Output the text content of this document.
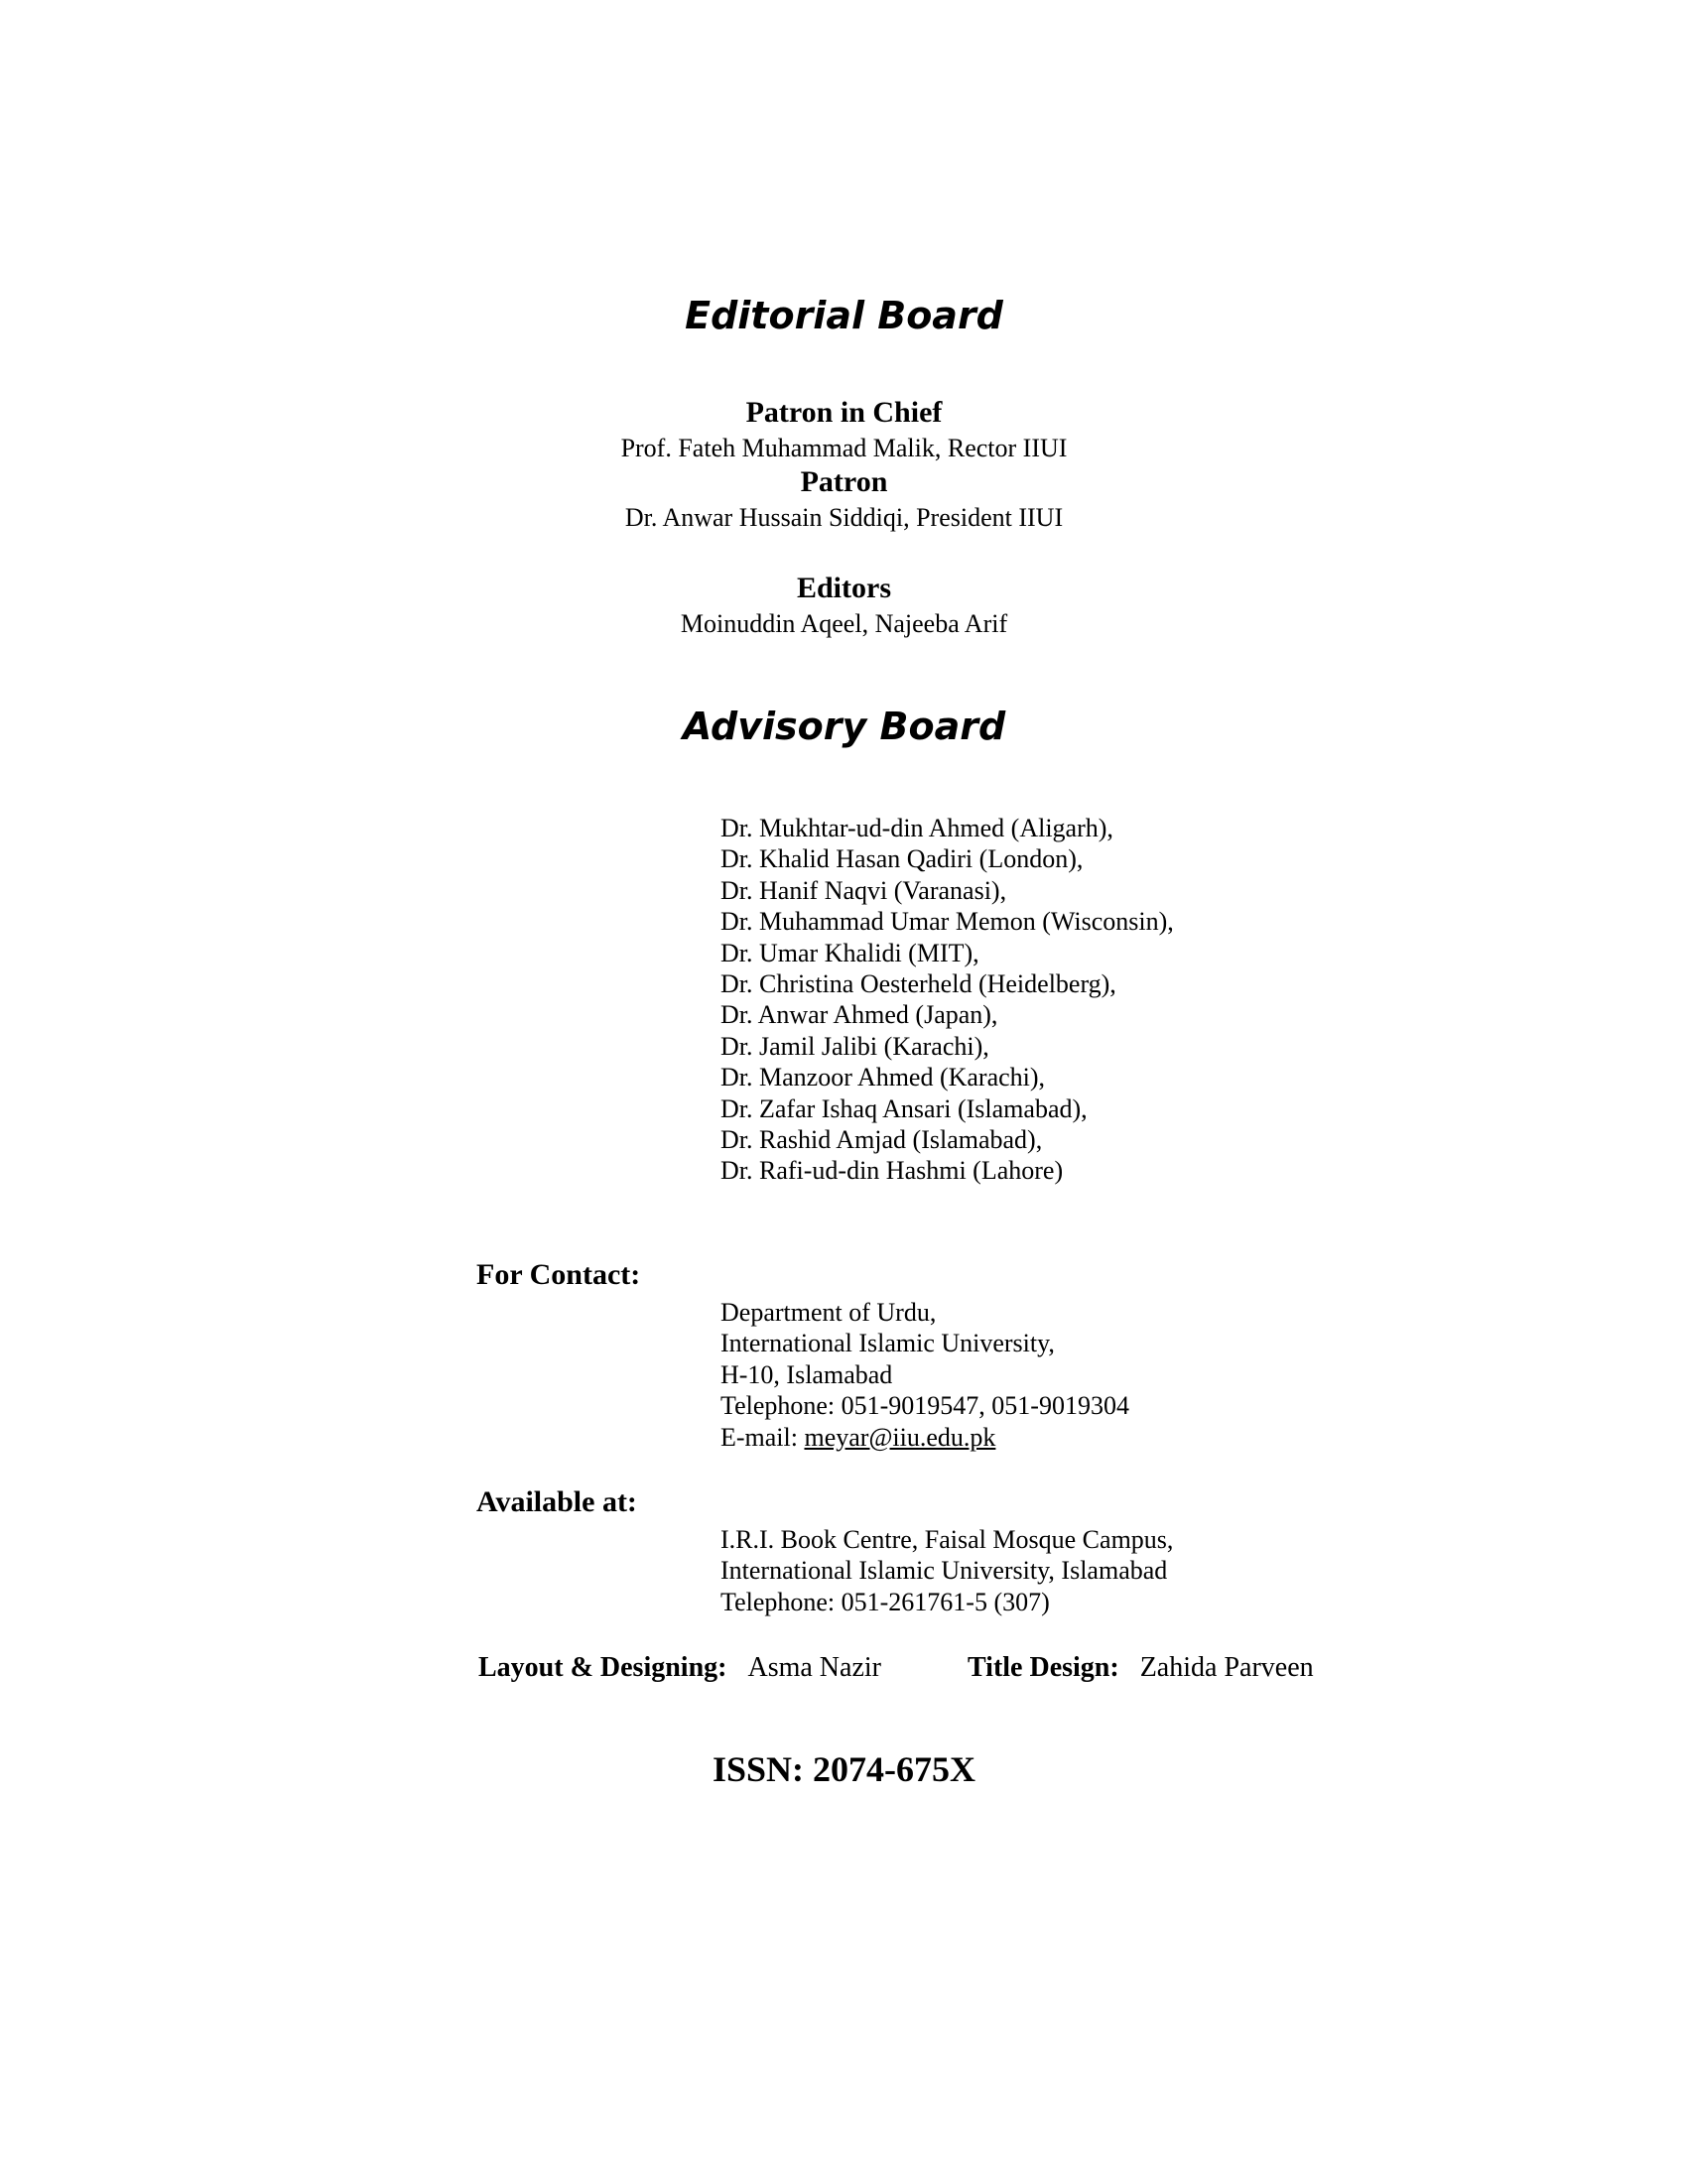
Editorial Board
Patron in Chief
Prof. Fateh Muhammad Malik, Rector IIUI
Patron
Dr. Anwar Hussain Siddiqi, President IIUI
Editors
Moinuddin Aqeel, Najeeba Arif
Advisory Board
Dr. Mukhtar-ud-din Ahmed (Aligarh),
Dr. Khalid Hasan Qadiri (London),
Dr. Hanif Naqvi (Varanasi),
Dr. Muhammad Umar Memon (Wisconsin),
Dr. Umar Khalidi (MIT),
Dr. Christina Oesterheld (Heidelberg),
Dr. Anwar Ahmed (Japan),
Dr. Jamil Jalibi (Karachi),
Dr. Manzoor Ahmed (Karachi),
Dr. Zafar Ishaq Ansari (Islamabad),
Dr. Rashid Amjad (Islamabad),
Dr. Rafi-ud-din Hashmi (Lahore)
For Contact:
Department of Urdu,
International Islamic University,
H-10, Islamabad
Telephone: 051-9019547, 051-9019304
E-mail: meyar@iiu.edu.pk
Available at:
I.R.I. Book Centre, Faisal Mosque Campus,
International Islamic University, Islamabad
Telephone: 051-261761-5 (307)
Layout & Designing: Asma Nazir	Title Design: Zahida Parveen
ISSN: 2074-675X
